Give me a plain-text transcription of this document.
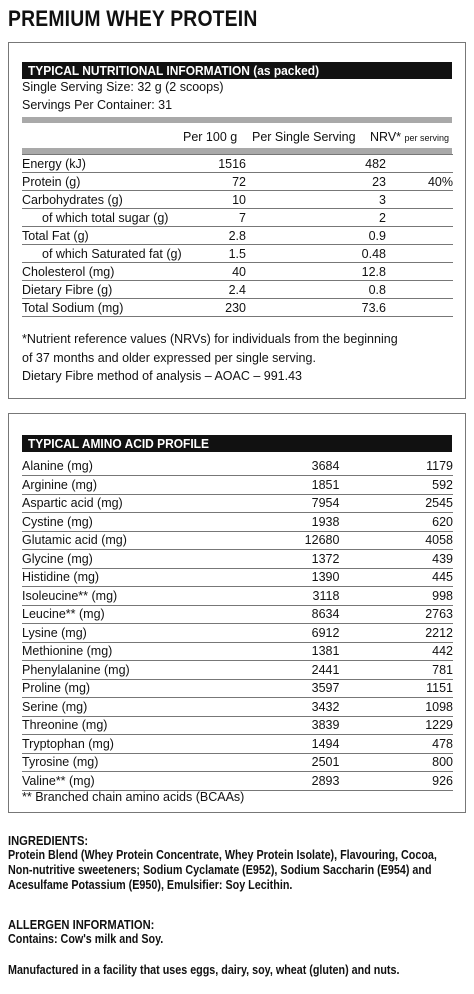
PREMIUM WHEY PROTEIN
TYPICAL NUTRITIONAL INFORMATION (as packed)
Single Serving Size: 32 g (2 scoops)
Servings Per Container: 31
Per 100 g Per Single Serving NRV* per serving
Energy (kJ)	1516	482	
Protein (g)	72	23	40%
Carbohydrates (g)	10	3	
of which total sugar (g)	7	2	
Total Fat (g)	2.8	0.9	
of which Saturated fat (g)	1.5	0.48	
Cholesterol (mg)	40	12.8	
Dietary Fibre (g)	2.4	0.8	
Total Sodium (mg)	230	73.6	
*Nutrient reference values (NRVs) for individuals from the beginning
of 37 months and older expressed per single serving.
Dietary Fibre method of analysis – AOAC – 991.43
TYPICAL AMINO ACID PROFILE
Alanine (mg)	3684	1179
Arginine (mg)	1851	592
Aspartic acid (mg)	7954	2545
Cystine (mg)	1938	620
Glutamic acid (mg)	12680	4058
Glycine (mg)	1372	439
Histidine (mg)	1390	445
Isoleucine** (mg)	3118	998
Leucine** (mg)	8634	2763
Lysine (mg)	6912	2212
Methionine (mg)	1381	442
Phenylalanine (mg)	2441	781
Proline (mg)	3597	1151
Serine (mg)	3432	1098
Threonine (mg)	3839	1229
Tryptophan (mg)	1494	478
Tyrosine (mg)	2501	800
Valine** (mg)	2893	926
** Branched chain amino acids (BCAAs)
INGREDIENTS:
Protein Blend (Whey Protein Concentrate, Whey Protein Isolate), Flavouring, Cocoa,
Non-nutritive sweeteners; Sodium Cyclamate (E952), Sodium Saccharin (E954) and
Acesulfame Potassium (E950), Emulsifier: Soy Lecithin.
ALLERGEN INFORMATION:
Contains: Cow's milk and Soy.
Manufactured in a facility that uses eggs, dairy, soy, wheat (gluten) and nuts.
